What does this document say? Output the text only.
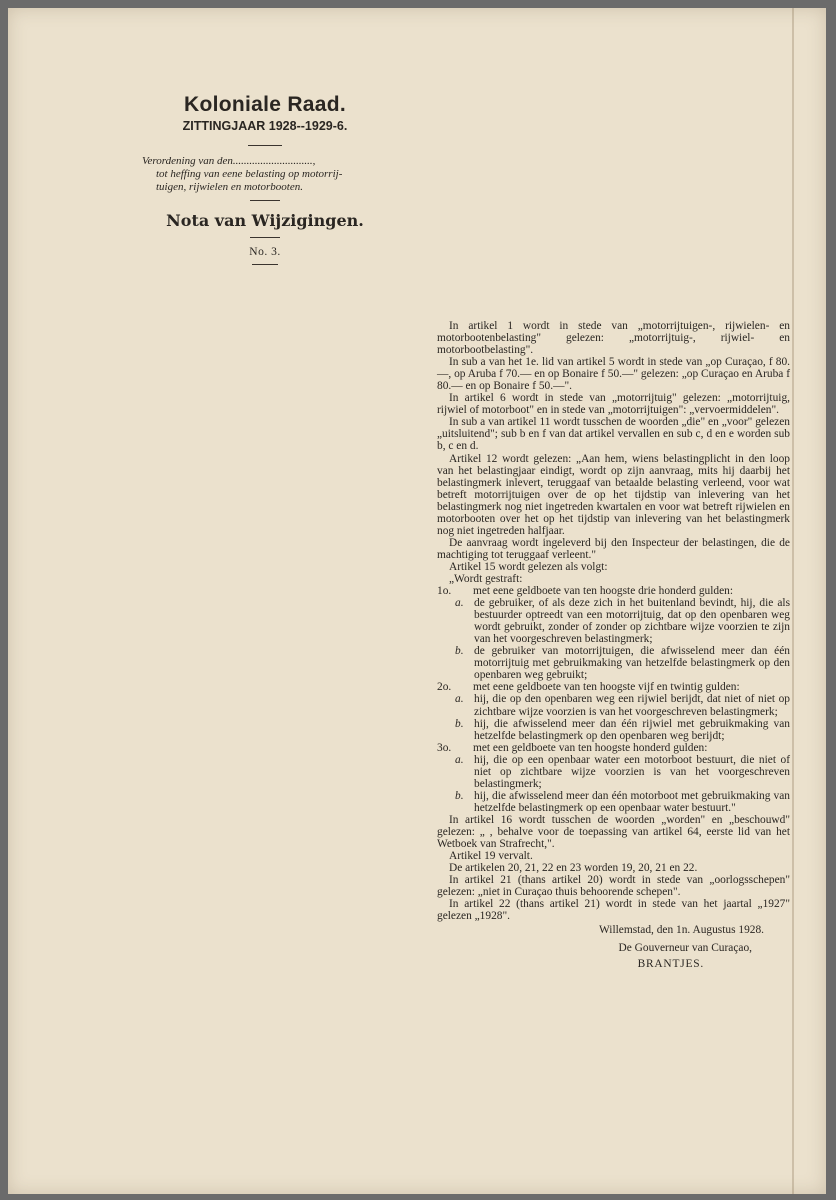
Koloniale Raad.
ZITTINGJAAR 1928--1929-6.
Verordening van den.............................,
tot heffing van eene belasting op motorrij-
tuigen, rijwielen en motorbooten.
Nota van Wijzigingen.
No. 3.

In artikel 1 wordt in stede van „motorrijtuigen-, rijwielen- en motorbootenbelasting" gelezen: „motorrijtuig-, rijwiel- en motorbootbelasting".

In sub a van het 1e. lid van artikel 5 wordt in stede van „op Curaçao, f 80.—, op Aruba f 70.— en op Bonaire f 50.—" gelezen: „op Curaçao en Aruba f 80.— en op Bonaire f 50.—".

In artikel 6 wordt in stede van „motorrijtuig" gelezen: „motorrijtuig, rijwiel of motorboot" en in stede van „motorrijtuigen": „vervoermiddelen".

In sub a van artikel 11 wordt tusschen de woorden „die" en „voor" gelezen „uitsluitend"; sub b en f van dat artikel vervallen en sub c, d en e worden sub b, c en d.

Artikel 12 wordt gelezen: „Aan hem, wiens belastingplicht in den loop van het belastingjaar eindigt, wordt op zijn aanvraag, mits hij daarbij het belastingmerk inlevert, teruggaaf van betaalde belasting verleend, voor wat betreft motorrijtuigen over de op het tijdstip van inlevering van het belastingmerk nog niet ingetreden kwartalen en voor wat betreft rijwielen en motorbooten over het op het tijdstip van inlevering van het belastingmerk nog niet ingetreden halfjaar.

De aanvraag wordt ingeleverd bij den Inspecteur der belastingen, die de machtiging tot teruggaaf verleent."

Artikel 15 wordt gelezen als volgt:

„Wordt gestraft:

1o.	met eene geldboete van ten hoogste drie honderd gulden:
a. de gebruiker, of als deze zich in het buitenland bevindt, hij, die als bestuurder optreedt van een motorrijtuig, dat op den openbaren weg wordt gebruikt, zonder of zonder op zichtbare wijze voorzien te zijn van het voorgeschreven belastingmerk;
b. de gebruiker van motorrijtuigen, die afwisselend meer dan één motorrijtuig met gebruikmaking van hetzelfde belastingmerk op den openbaren weg gebruikt;
2o.	met eene geldboete van ten hoogste vijf en twintig gulden:
a. hij, die op den openbaren weg een rijwiel berijdt, dat niet of niet op zichtbare wijze voorzien is van het voorgeschreven belastingmerk;
b. hij, die afwisselend meer dan één rijwiel met gebruikmaking van hetzelfde belastingmerk op den openbaren weg berijdt;
3o.	met een geldboete van ten hoogste honderd gulden:
a. hij, die op een openbaar water een motorboot bestuurt, die niet of niet op zichtbare wijze voorzien is van het voorgeschreven belastingmerk;
b. hij, die afwisselend meer dan één motorboot met gebruikmaking van hetzelfde belastingmerk op een openbaar water bestuurt."

In artikel 16 wordt tusschen de woorden „worden" en „beschouwd" gelezen: „ , behalve voor de toepassing van artikel 64, eerste lid van het Wetboek van Strafrecht,".

Artikel 19 vervalt.

De artikelen 20, 21, 22 en 23 worden 19, 20, 21 en 22.

In artikel 21 (thans artikel 20) wordt in stede van „oorlogsschepen" gelezen: „niet in Curaçao thuis behoorende schepen".

In artikel 22 (thans artikel 21) wordt in stede van het jaartal „1927" gelezen „1928".

Willemstad, den 1n. Augustus 1928.

De Gouverneur van Curaçao,

BRANTJES.
